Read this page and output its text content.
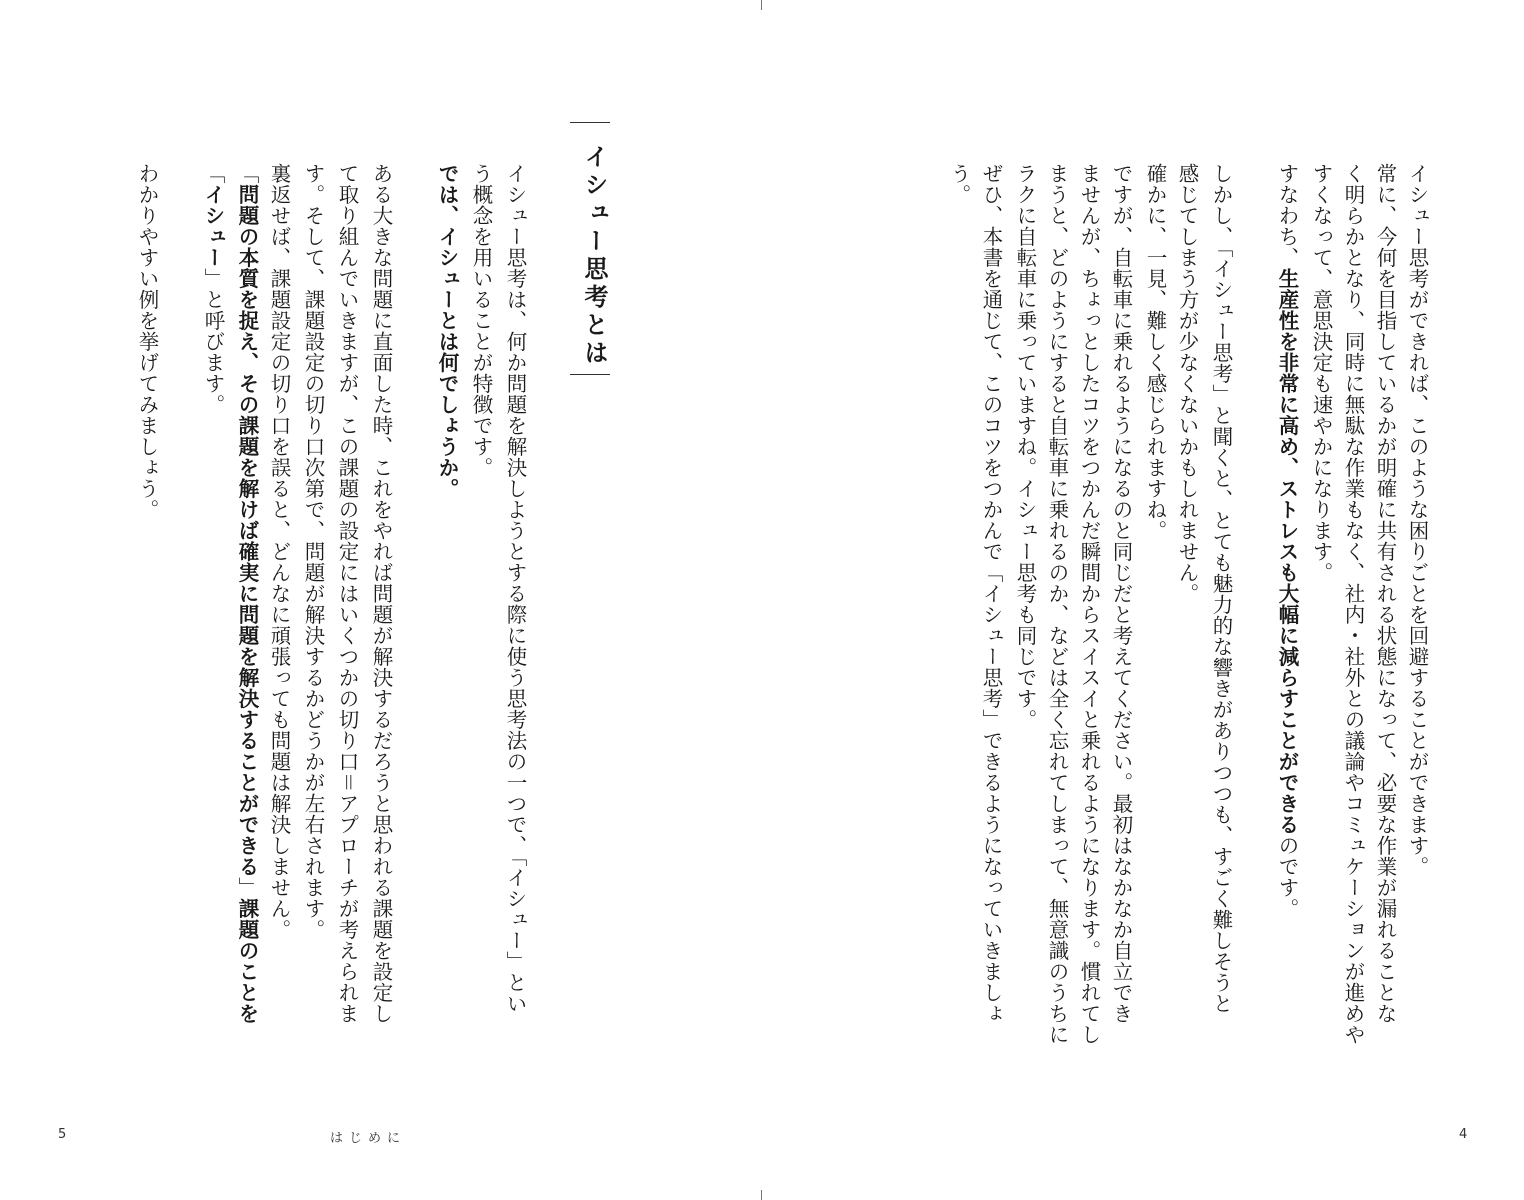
イシュー思考とは
イシュー思考は、何か問題を解決しようとする際に使う思考法の一つで、「イシュー」とい
う概念を用いることが特徴です。
では、イシューとは何でしょうか。
ある大きな問題に直面した時、これをやれば問題が解決するだろうと思われる課題を設定し
て取り組んでいきますが、この課題の設定にはいくつかの切り口＝アプローチが考えられま
す。そして、課題設定の切り口次第で、問題が解決するかどうかが左右されます。
裏返せば、課題設定の切り口を誤ると、どんなに頑張っても問題は解決しません。
「問題の本質を捉え、その課題を解けば確実に問題を解決することができる」課題のことを
「イシュー」と呼びます。
わかりやすい例を挙げてみましょう。
5	はじめに
イシュー思考ができれば、このような困りごとを回避することができます。
常に、今何を目指しているかが明確に共有される状態になって、必要な作業が漏れることな
く明らかとなり、同時に無駄な作業もなく、社内・社外との議論やコミュケーションが進めや
すくなって、意思決定も速やかになります。
すなわち、生産性を非常に高め、ストレスも大幅に減らすことができるのです。
しかし、「イシュー思考」と聞くと、とても魅力的な響きがありつつも、すごく難しそうと
感じてしまう方が少なくないかもしれません。
確かに、一見、難しく感じられますね。
ですが、自転車に乗れるようになるのと同じだと考えてください。最初はなかなか自立でき
ませんが、ちょっとしたコツをつかんだ瞬間からスイスイと乗れるようになります。慣れてし
まうと、どのようにすると自転車に乗れるのか、などは全く忘れてしまって、無意識のうちに
ラクに自転車に乗っていますね。イシュー思考も同じです。
ぜひ、本書を通じて、このコツをつかんで「イシュー思考」できるようになっていきましょ
う。
4
